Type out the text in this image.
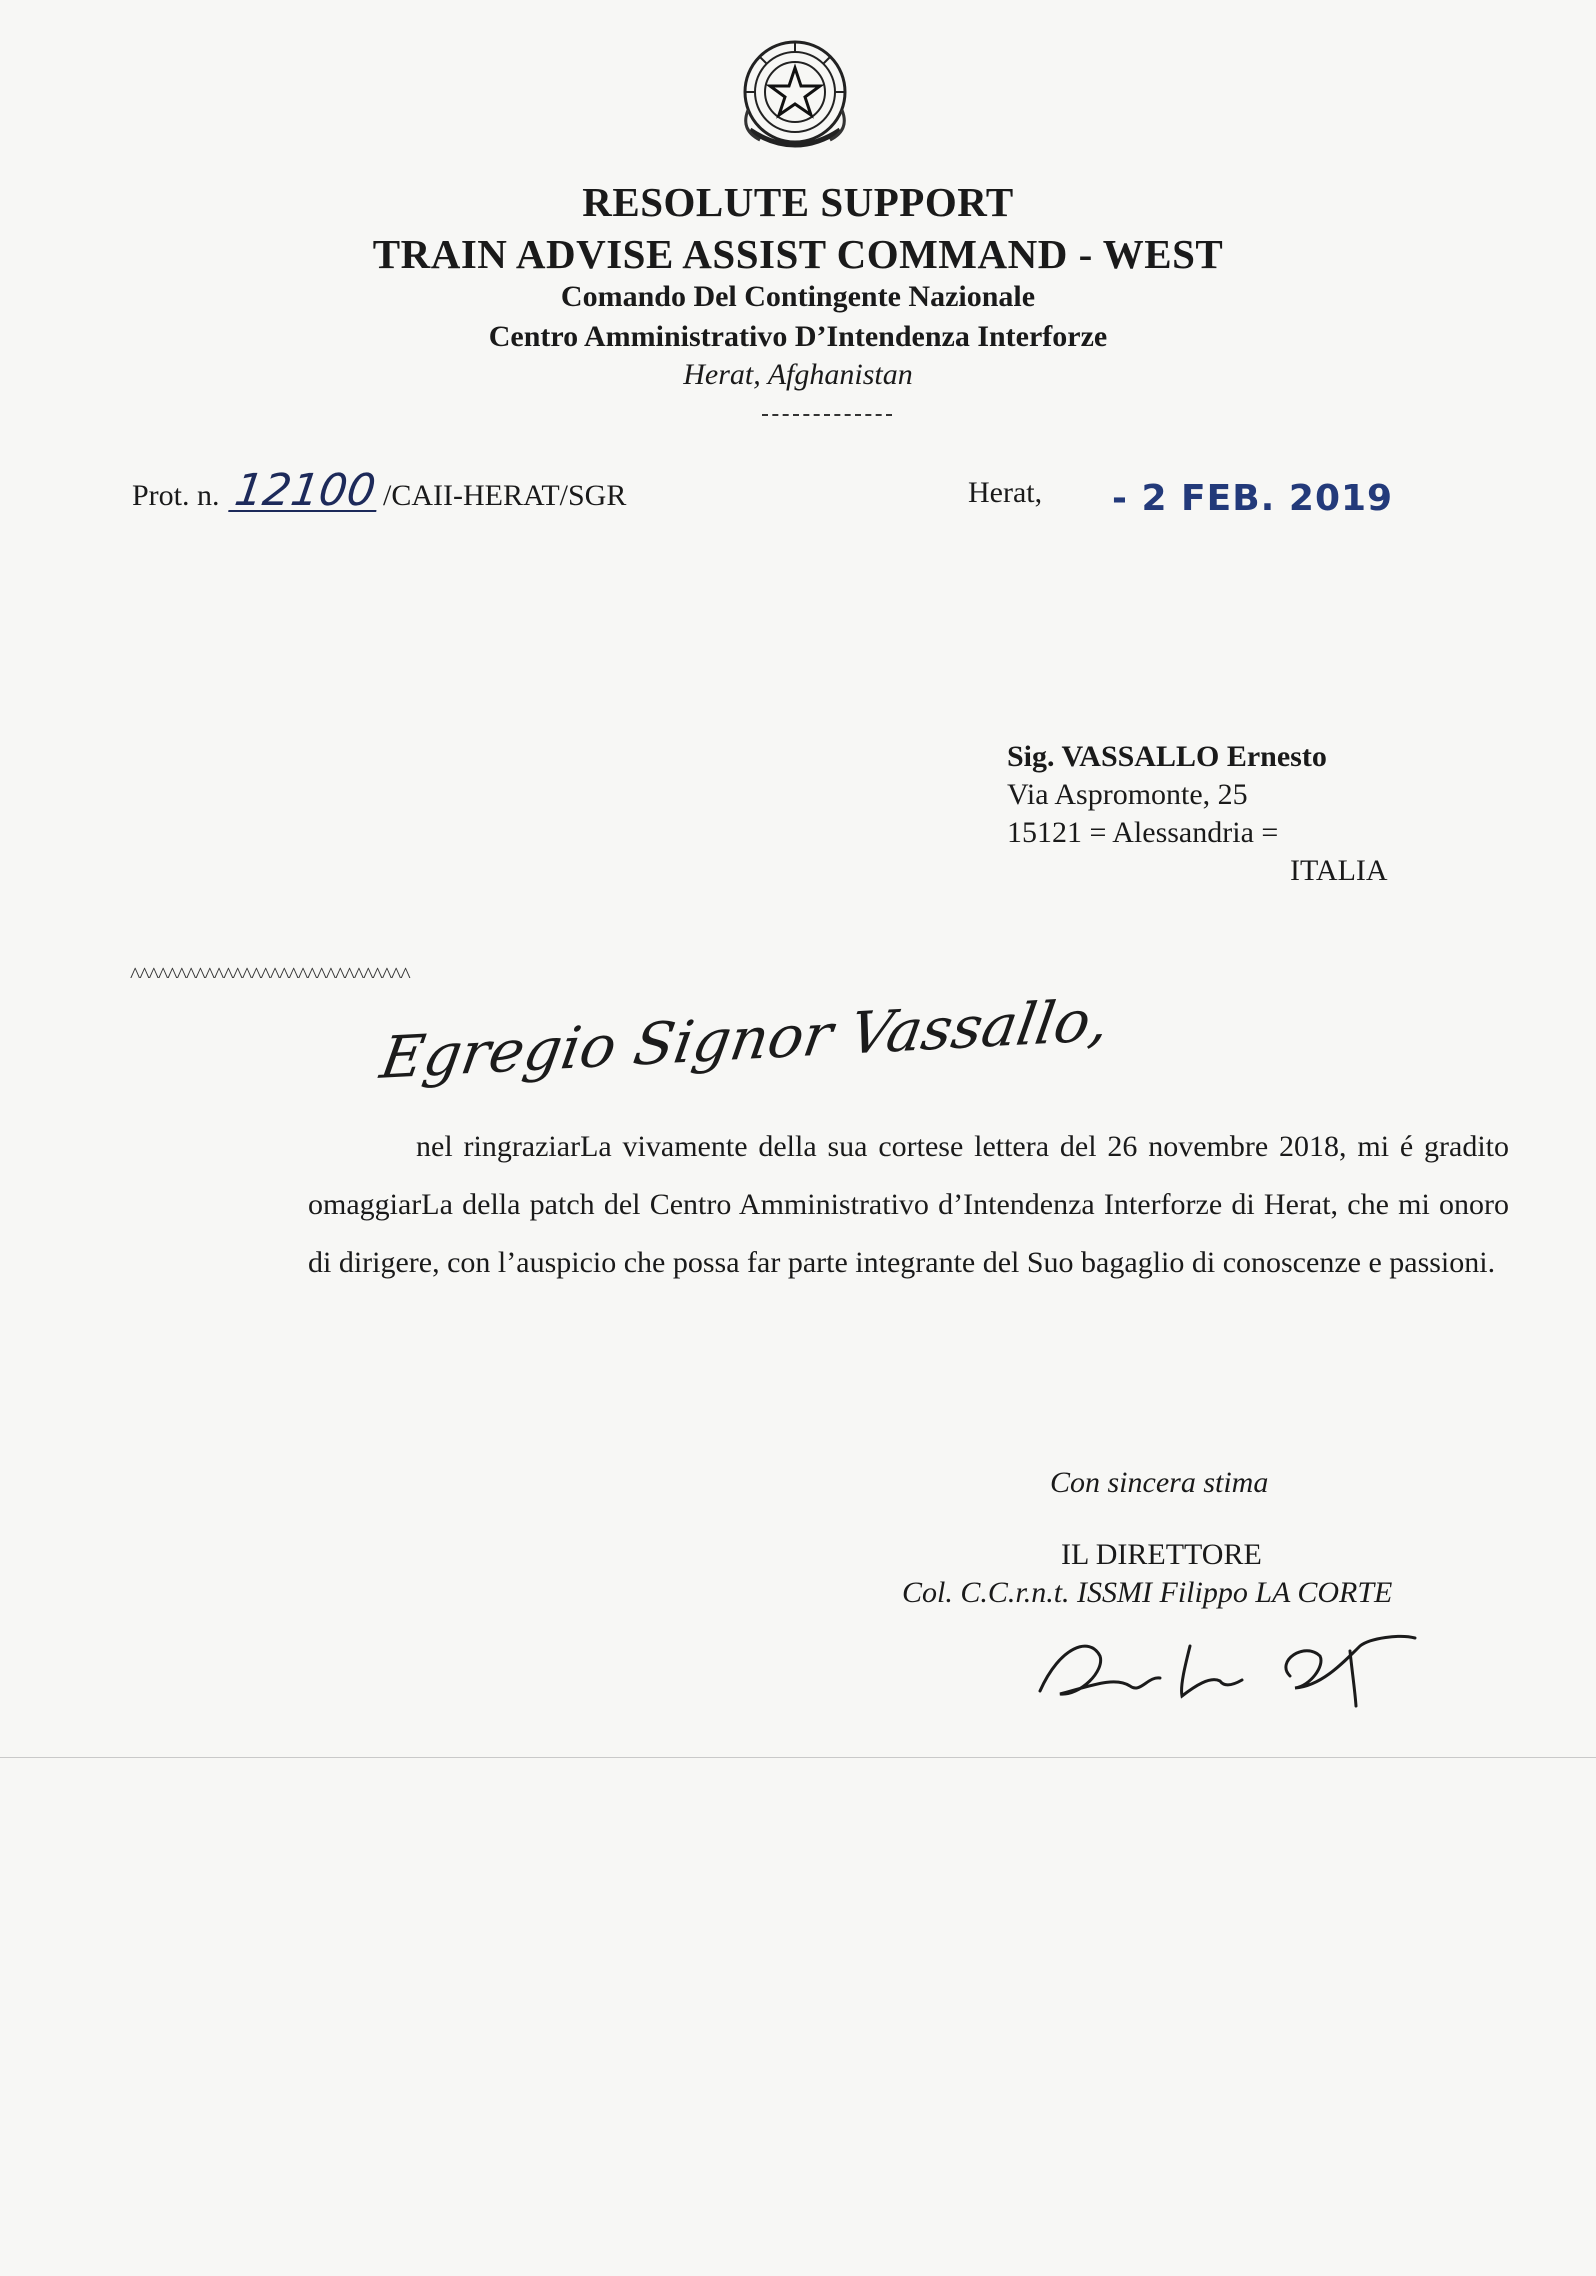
RESOLUTE SUPPORT
TRAIN ADVISE ASSIST COMMAND - WEST
Comando Del Contingente Nazionale
Centro Amministrativo D’Intendenza Interforze
Herat, Afghanistan
Prot. n. 12100 /CAII-HERAT/SGR	Herat, - 2 FEB. 2019
Sig. VASSALLO Ernesto
Via Aspromonte, 25
15121 = Alessandria =
ITALIA
^^^^^^^^^^^^^^^^^^^^^^^^^^^^^^
Egregio Signor Vassallo,
nel ringraziarLa vivamente della sua cortese lettera del 26 novembre 2018, mi é gradito omaggiarLa della patch del Centro Amministrativo d’Intendenza Interforze di Herat, che mi onoro di dirigere, con l’auspicio che possa far parte integrante del Suo bagaglio di conoscenze e passioni.
Con sincera stima
IL DIRETTORE
Col. C.C.r.n.t. ISSMI Filippo LA CORTE
